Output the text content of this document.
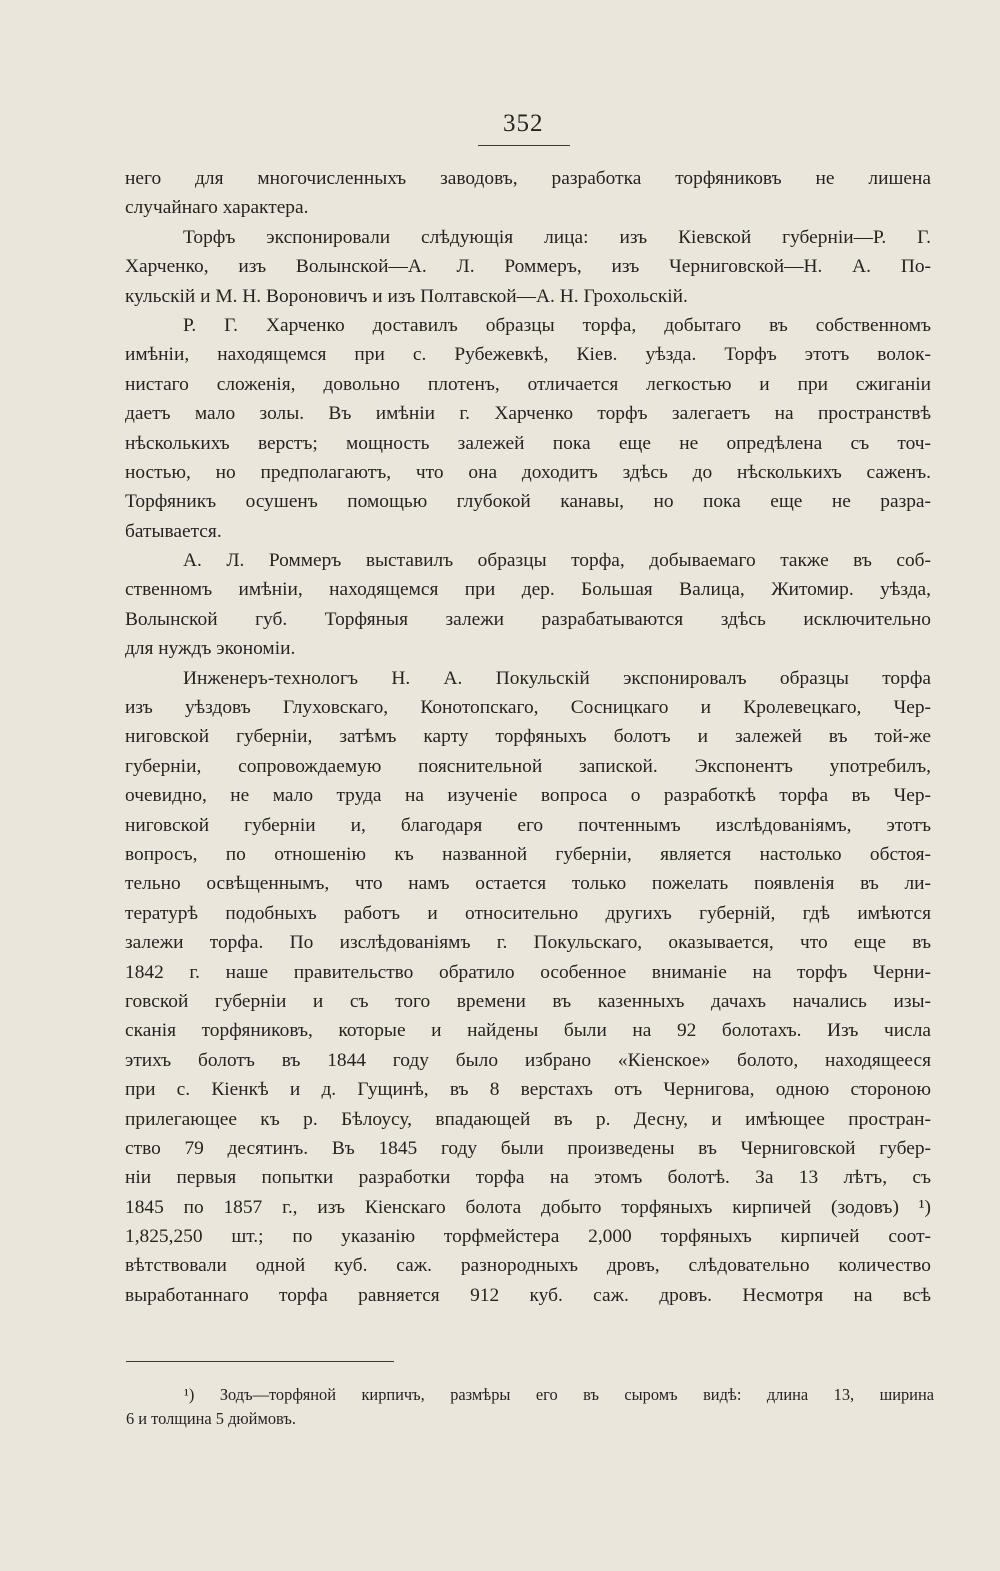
352
него для многочисленныхъ заводовъ, разработка торфяниковъ не лишена
случайнаго характера.
Торфъ экспонировали слѣдующія лица: изъ Кіевской губерніи—Р. Г.
Харченко, изъ Волынской—А. Л. Роммеръ, изъ Черниговской—Н. А. По-
кульскій и М. Н. Вороновичъ и изъ Полтавской—А. Н. Грохольскій.
Р. Г. Харченко доставилъ образцы торфа, добытаго въ собственномъ
имѣніи, находящемся при с. Рубежевкѣ, Кіев. уѣзда. Торфъ этотъ волок-
нистаго сложенія, довольно плотенъ, отличается легкостью и при сжиганіи
даетъ мало золы. Въ имѣніи г. Харченко торфъ залегаетъ на пространствѣ
нѣсколькихъ верстъ; мощность залежей пока еще не опредѣлена съ точ-
ностью, но предполагаютъ, что она доходитъ здѣсь до нѣсколькихъ саженъ.
Торфяникъ осушенъ помощью глубокой канавы, но пока еще не разра-
батывается.
А. Л. Роммеръ выставилъ образцы торфа, добываемаго также въ соб-
ственномъ имѣніи, находящемся при дер. Большая Валица, Житомир. уѣзда,
Волынской губ. Торфяныя залежи разрабатываются здѣсь исключительно
для нуждъ экономіи.
Инженеръ-технологъ Н. А. Покульскій экспонировалъ образцы торфа
изъ уѣздовъ Глуховскаго, Конотопскаго, Сосницкаго и Кролевецкаго, Чер-
ниговской губерніи, затѣмъ карту торфяныхъ болотъ и залежей въ той-же
губерніи, сопровождаемую пояснительной запиской. Экспонентъ употребилъ,
очевидно, не мало труда на изученіе вопроса о разработкѣ торфа въ Чер-
ниговской губерніи и, благодаря его почтеннымъ изслѣдованіямъ, этотъ
вопросъ, по отношенію къ названной губерніи, является настолько обстоя-
тельно освѣщеннымъ, что намъ остается только пожелать появленія въ ли-
тературѣ подобныхъ работъ и относительно другихъ губерній, гдѣ имѣются
залежи торфа. По изслѣдованіямъ г. Покульскаго, оказывается, что еще въ
1842 г. наше правительство обратило особенное вниманіе на торфъ Черни-
говской губерніи и съ того времени въ казенныхъ дачахъ начались изы-
сканія торфяниковъ, которые и найдены были на 92 болотахъ. Изъ числа
этихъ болотъ въ 1844 году было избрано «Кіенское» болото, находящееся
при с. Кіенкѣ и д. Гущинѣ, въ 8 верстахъ отъ Чернигова, одною стороною
прилегающее къ р. Бѣлоусу, впадающей въ р. Десну, и имѣющее простран-
ство 79 десятинъ. Въ 1845 году были произведены въ Черниговской губер-
ніи первыя попытки разработки торфа на этомъ болотѣ. За 13 лѣтъ, съ
1845 по 1857 г., изъ Кіенскаго болота добыто торфяныхъ кирпичей (зодовъ) ¹)
1,825,250 шт.; по указанію торфмейстера 2,000 торфяныхъ кирпичей соот-
вѣтствовали одной куб. саж. разнородныхъ дровъ, слѣдовательно количество
выработаннаго торфа равняется 912 куб. саж. дровъ. Несмотря на всѣ
¹) Зодъ—торфяной кирпичъ, размѣры его въ сыромъ видѣ: длина 13, ширина
6 и толщина 5 дюймовъ.
